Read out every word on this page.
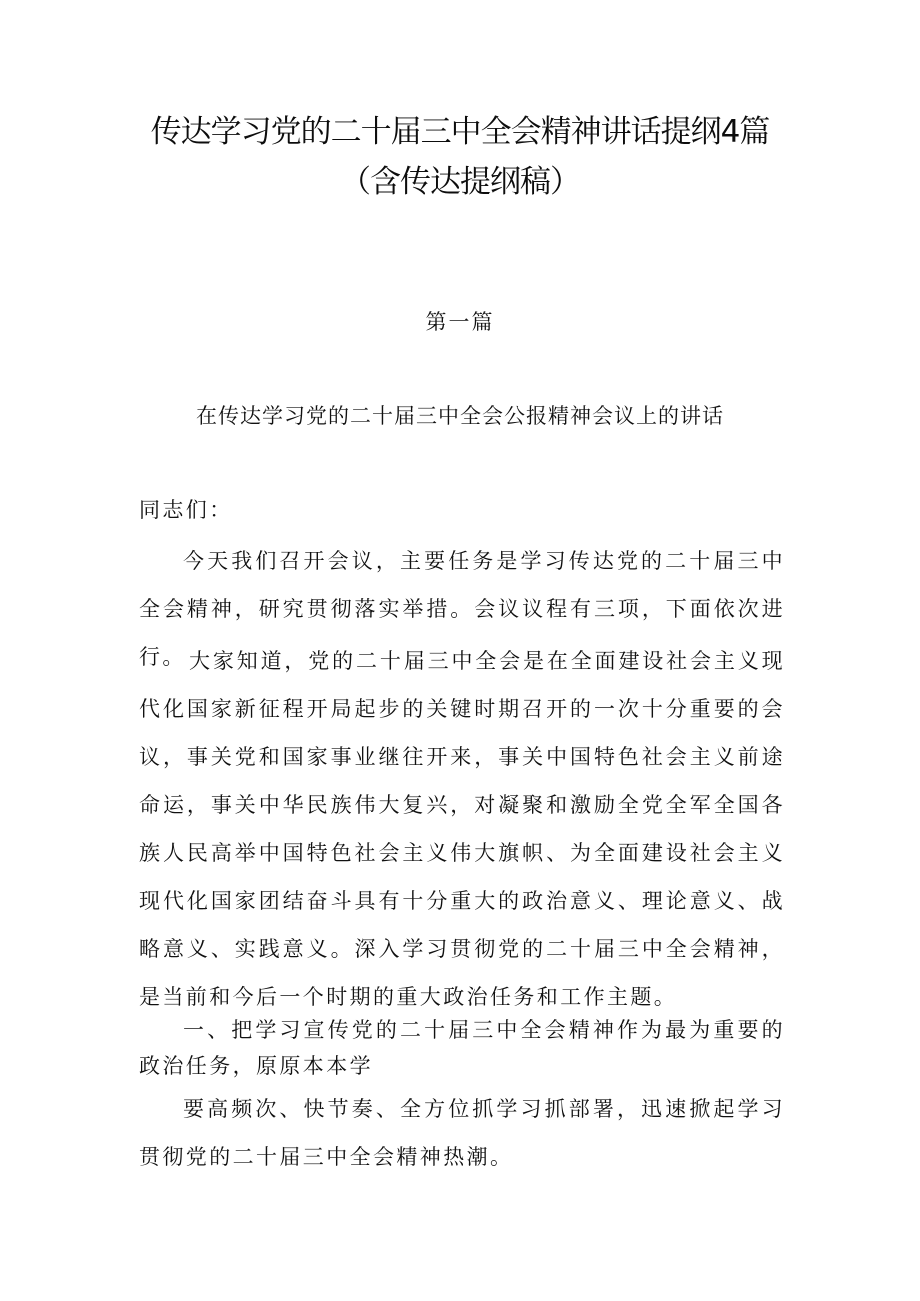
传达学习党的二十届三中全会精神讲话提纲4篇
（含传达提纲稿）
第一篇
在传达学习党的二十届三中全会公报精神会议上的讲话
同志们：
今天我们召开会议，主要任务是学习传达党的二十届三中全会精神，研究贯彻落实举措。会议议程有三项，下面依次进行。 大家知道，党的二十届三中全会是在全面建设社会主义现代化国家新征程开局起步的关键时期召开的一次十分重要的会议，事关党和国家事业继往开来，事关中国特色社会主义前途命运，事关中华民族伟大复兴，对凝聚和激励全党全军全国各族人民高举中国特色社会主义伟大旗帜、为全面建设社会主义现代化国家团结奋斗具有十分重大的政治意义、理论意义、战略意义、实践意义。深入学习贯彻党的二十届三中全会精神，是当前和今后一个时期的重大政治任务和工作主题。
一、把学习宣传党的二十届三中全会精神作为最为重要的政治任务，原原本本学
要高频次、快节奏、全方位抓学习抓部署，迅速掀起学习贯彻党的二十届三中全会精神热潮。
